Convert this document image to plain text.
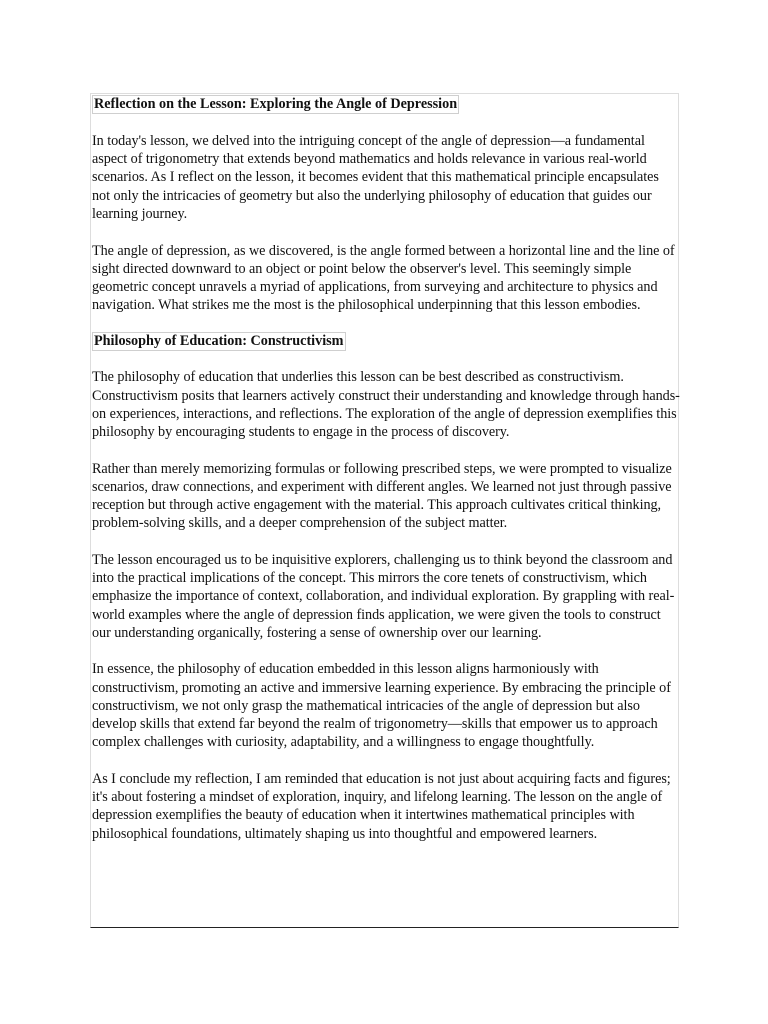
Reflection on the Lesson: Exploring the Angle of Depression

In today's lesson, we delved into the intriguing concept of the angle of depression—a fundamental aspect of trigonometry that extends beyond mathematics and holds relevance in various real-world scenarios. As I reflect on the lesson, it becomes evident that this mathematical principle encapsulates not only the intricacies of geometry but also the underlying philosophy of education that guides our learning journey.

The angle of depression, as we discovered, is the angle formed between a horizontal line and the line of sight directed downward to an object or point below the observer's level. This seemingly simple geometric concept unravels a myriad of applications, from surveying and architecture to physics and navigation. What strikes me the most is the philosophical underpinning that this lesson embodies.

Philosophy of Education: Constructivism

The philosophy of education that underlies this lesson can be best described as constructivism. Constructivism posits that learners actively construct their understanding and knowledge through hands-on experiences, interactions, and reflections. The exploration of the angle of depression exemplifies this philosophy by encouraging students to engage in the process of discovery.

Rather than merely memorizing formulas or following prescribed steps, we were prompted to visualize scenarios, draw connections, and experiment with different angles. We learned not just through passive reception but through active engagement with the material. This approach cultivates critical thinking, problem-solving skills, and a deeper comprehension of the subject matter.

The lesson encouraged us to be inquisitive explorers, challenging us to think beyond the classroom and into the practical implications of the concept. This mirrors the core tenets of constructivism, which emphasize the importance of context, collaboration, and individual exploration. By grappling with real-world examples where the angle of depression finds application, we were given the tools to construct our understanding organically, fostering a sense of ownership over our learning.

In essence, the philosophy of education embedded in this lesson aligns harmoniously with constructivism, promoting an active and immersive learning experience. By embracing the principle of constructivism, we not only grasp the mathematical intricacies of the angle of depression but also develop skills that extend far beyond the realm of trigonometry—skills that empower us to approach complex challenges with curiosity, adaptability, and a willingness to engage thoughtfully.

As I conclude my reflection, I am reminded that education is not just about acquiring facts and figures; it's about fostering a mindset of exploration, inquiry, and lifelong learning. The lesson on the angle of depression exemplifies the beauty of education when it intertwines mathematical principles with philosophical foundations, ultimately shaping us into thoughtful and empowered learners.
